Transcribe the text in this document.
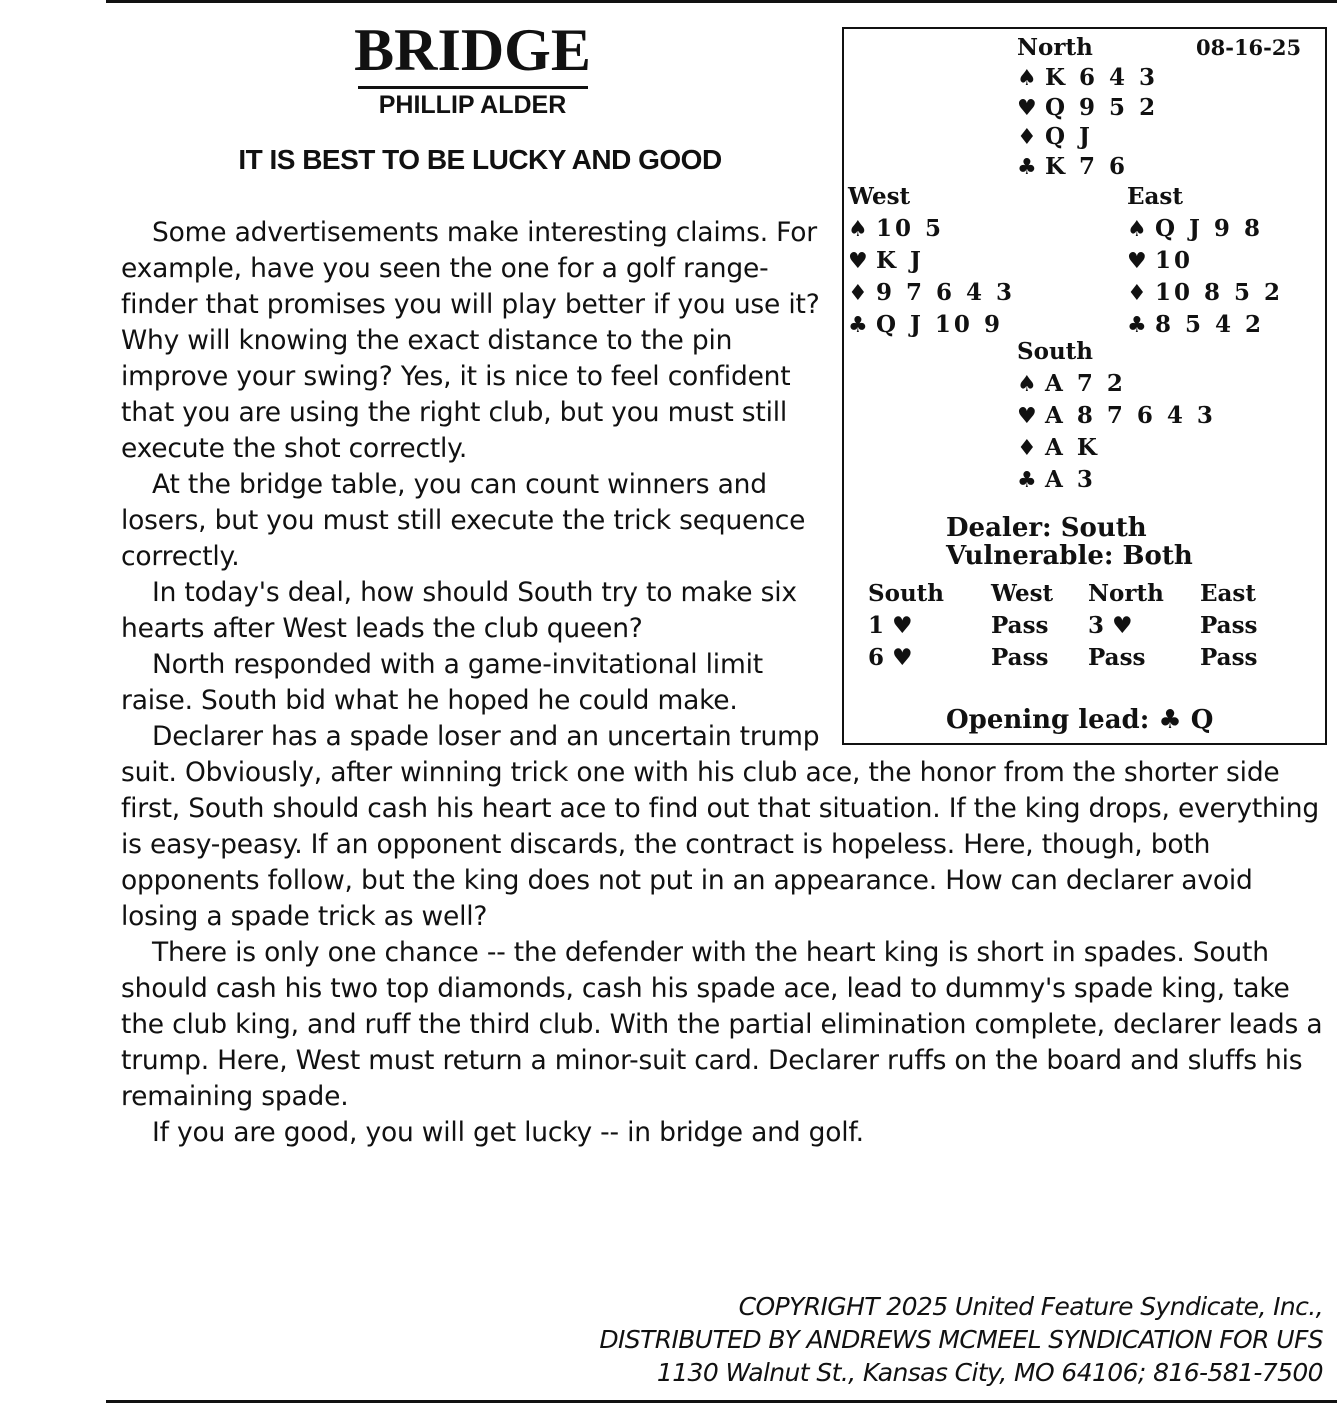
BRIDGE
PHILLIP ALDER
IT IS BEST TO BE LUCKY AND GOOD

Some advertisements make interesting claims. For example, have you seen the one for a golf range-finder that promises you will play better if you use it? Why will knowing the exact distance to the pin improve your swing? Yes, it is nice to feel confident that you are using the right club, but you must still execute the shot correctly.

At the bridge table, you can count winners and losers, but you must still execute the trick sequence correctly.

In today's deal, how should South try to make six hearts after West leads the club queen?

North responded with a game-invitational limit raise. South bid what he hoped he could make.

Declarer has a spade loser and an uncertain trump suit. Obviously, after winning trick one with his club ace, the honor from the shorter side first, South should cash his heart ace to find out that situation. If the king drops, everything is easy-peasy. If an opponent discards, the contract is hopeless. Here, though, both opponents follow, but the king does not put in an appearance. How can declarer avoid losing a spade trick as well?

There is only one chance -- the defender with the heart king is short in spades. South should cash his two top diamonds, cash his spade ace, lead to dummy's spade king, take the club king, and ruff the third club. With the partial elimination complete, declarer leads a trump. Here, West must return a minor-suit card. Declarer ruffs on the board and sluffs his remaining spade.

If you are good, you will get lucky -- in bridge and golf.

08-16-25
North
♠ K 6 4 3
♥ Q 9 5 2
♦ Q J
♣ K 7 6
West
♠ 10 5
♥ K J
♦ 9 7 6 4 3
♣ Q J 10 9
East
♠ Q J 9 8
♥ 10
♦ 10 8 5 2
♣ 8 5 4 2
South
♠ A 7 2
♥ A 8 7 6 4 3
♦ A K
♣ A 3
Dealer: South
Vulnerable: Both
South West North East
1 ♥	Pass 3 ♥	Pass
6 ♥	Pass Pass Pass
Opening lead: ♣ Q
COPYRIGHT 2025 United Feature Syndicate, Inc.,
DISTRIBUTED BY ANDREWS MCMEEL SYNDICATION FOR UFS
1130 Walnut St., Kansas City, MO 64106; 816-581-7500
